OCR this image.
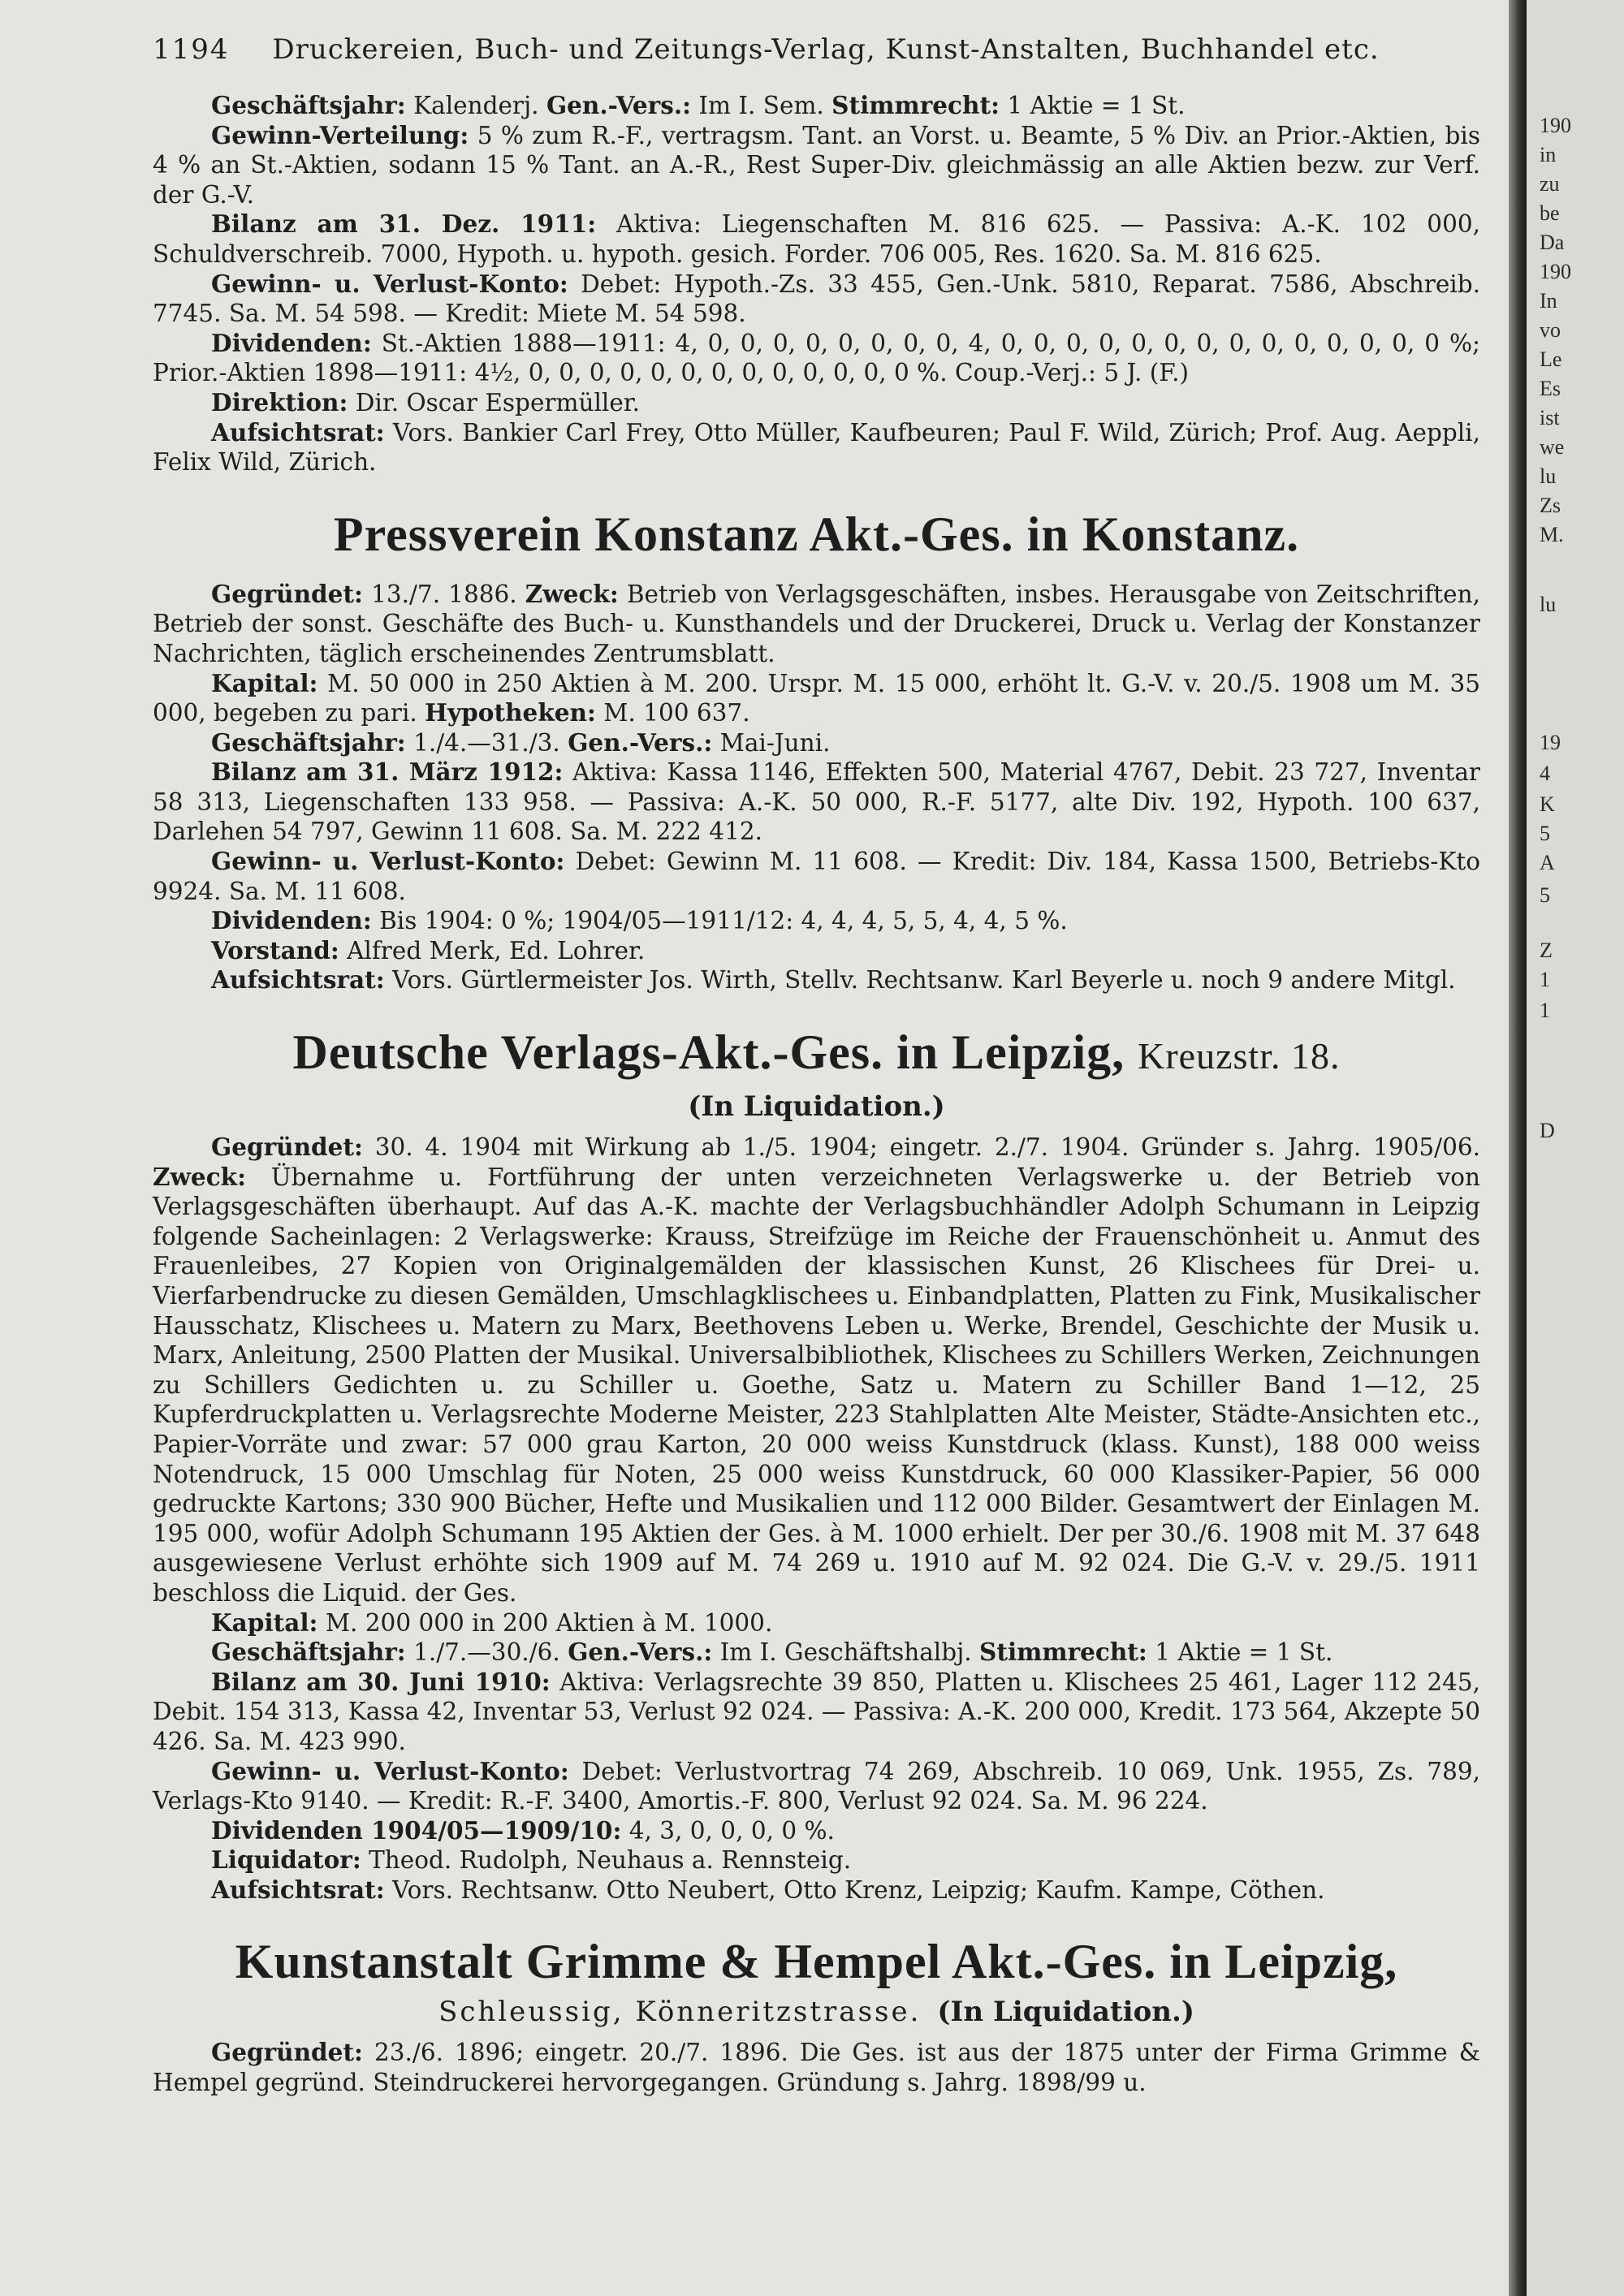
1194 Druckereien, Buch- und Zeitungs-Verlag, Kunst-Anstalten, Buchhandel etc.

Geschäftsjahr: Kalenderj. Gen.-Vers.: Im I. Sem. Stimmrecht: 1 Aktie = 1 St.

Gewinn-Verteilung: 5 % zum R.-F., vertragsm. Tant. an Vorst. u. Beamte, 5 % Div. an Prior.-Aktien, bis 4 % an St.-Aktien, sodann 15 % Tant. an A.-R., Rest Super-Div. gleichmässig an alle Aktien bezw. zur Verf. der G.-V.

Bilanz am 31. Dez. 1911: Aktiva: Liegenschaften M. 816 625. — Passiva: A.-K. 102 000, Schuldverschreib. 7000, Hypoth. u. hypoth. gesich. Forder. 706 005, Res. 1620. Sa. M. 816 625.

Gewinn- u. Verlust-Konto: Debet: Hypoth.-Zs. 33 455, Gen.-Unk. 5810, Reparat. 7586, Abschreib. 7745. Sa. M. 54 598. — Kredit: Miete M. 54 598.

Dividenden: St.-Aktien 1888—1911: 4, 0, 0, 0, 0, 0, 0, 0, 0, 4, 0, 0, 0, 0, 0, 0, 0, 0, 0, 0, 0, 0, 0, 0 %; Prior.-Aktien 1898—1911: 4½, 0, 0, 0, 0, 0, 0, 0, 0, 0, 0, 0, 0, 0 %. Coup.-Verj.: 5 J. (F.)

Direktion: Dir. Oscar Espermüller.

Aufsichtsrat: Vors. Bankier Carl Frey, Otto Müller, Kaufbeuren; Paul F. Wild, Zürich; Prof. Aug. Aeppli, Felix Wild, Zürich.

Pressverein Konstanz Akt.-Ges. in Konstanz.

Gegründet: 13./7. 1886. Zweck: Betrieb von Verlagsgeschäften, insbes. Herausgabe von Zeitschriften, Betrieb der sonst. Geschäfte des Buch- u. Kunsthandels und der Druckerei, Druck u. Verlag der Konstanzer Nachrichten, täglich erscheinendes Zentrumsblatt.

Kapital: M. 50 000 in 250 Aktien à M. 200. Urspr. M. 15 000, erhöht lt. G.-V. v. 20./5. 1908 um M. 35 000, begeben zu pari. Hypotheken: M. 100 637.

Geschäftsjahr: 1./4.—31./3. Gen.-Vers.: Mai-Juni.

Bilanz am 31. März 1912: Aktiva: Kassa 1146, Effekten 500, Material 4767, Debit. 23 727, Inventar 58 313, Liegenschaften 133 958. — Passiva: A.-K. 50 000, R.-F. 5177, alte Div. 192, Hypoth. 100 637, Darlehen 54 797, Gewinn 11 608. Sa. M. 222 412.

Gewinn- u. Verlust-Konto: Debet: Gewinn M. 11 608. — Kredit: Div. 184, Kassa 1500, Betriebs-Kto 9924. Sa. M. 11 608.

Dividenden: Bis 1904: 0 %; 1904/05—1911/12: 4, 4, 4, 5, 5, 4, 4, 5 %.

Vorstand: Alfred Merk, Ed. Lohrer.

Aufsichtsrat: Vors. Gürtlermeister Jos. Wirth, Stellv. Rechtsanw. Karl Beyerle u. noch 9 andere Mitgl.

Deutsche Verlags-Akt.-Ges. in Leipzig, Kreuzstr. 18.
(In Liquidation.)

Gegründet: 30. 4. 1904 mit Wirkung ab 1./5. 1904; eingetr. 2./7. 1904. Gründer s. Jahrg. 1905/06. Zweck: Übernahme u. Fortführung der unten verzeichneten Verlagswerke u. der Betrieb von Verlagsgeschäften überhaupt. Auf das A.-K. machte der Verlagsbuchhändler Adolph Schumann in Leipzig folgende Sacheinlagen: 2 Verlagswerke: Krauss, Streifzüge im Reiche der Frauenschönheit u. Anmut des Frauenleibes, 27 Kopien von Originalgemälden der klassischen Kunst, 26 Klischees für Drei- u. Vierfarbendrucke zu diesen Gemälden, Umschlagklischees u. Einbandplatten, Platten zu Fink, Musikalischer Hausschatz, Klischees u. Matern zu Marx, Beethovens Leben u. Werke, Brendel, Geschichte der Musik u. Marx, Anleitung, 2500 Platten der Musikal. Universalbibliothek, Klischees zu Schillers Werken, Zeichnungen zu Schillers Gedichten u. zu Schiller u. Goethe, Satz u. Matern zu Schiller Band 1—12, 25 Kupferdruckplatten u. Verlagsrechte Moderne Meister, 223 Stahlplatten Alte Meister, Städte-Ansichten etc., Papier-Vorräte und zwar: 57 000 grau Karton, 20 000 weiss Kunstdruck (klass. Kunst), 188 000 weiss Notendruck, 15 000 Umschlag für Noten, 25 000 weiss Kunstdruck, 60 000 Klassiker-Papier, 56 000 gedruckte Kartons; 330 900 Bücher, Hefte und Musikalien und 112 000 Bilder. Gesamtwert der Einlagen M. 195 000, wofür Adolph Schumann 195 Aktien der Ges. à M. 1000 erhielt. Der per 30./6. 1908 mit M. 37 648 ausgewiesene Verlust erhöhte sich 1909 auf M. 74 269 u. 1910 auf M. 92 024. Die G.-V. v. 29./5. 1911 beschloss die Liquid. der Ges.

Kapital: M. 200 000 in 200 Aktien à M. 1000.

Geschäftsjahr: 1./7.—30./6. Gen.-Vers.: Im I. Geschäftshalbj. Stimmrecht: 1 Aktie = 1 St.

Bilanz am 30. Juni 1910: Aktiva: Verlagsrechte 39 850, Platten u. Klischees 25 461, Lager 112 245, Debit. 154 313, Kassa 42, Inventar 53, Verlust 92 024. — Passiva: A.-K. 200 000, Kredit. 173 564, Akzepte 50 426. Sa. M. 423 990.

Gewinn- u. Verlust-Konto: Debet: Verlustvortrag 74 269, Abschreib. 10 069, Unk. 1955, Zs. 789, Verlags-Kto 9140. — Kredit: R.-F. 3400, Amortis.-F. 800, Verlust 92 024. Sa. M. 96 224.

Dividenden 1904/05—1909/10: 4, 3, 0, 0, 0, 0 %.

Liquidator: Theod. Rudolph, Neuhaus a. Rennsteig.

Aufsichtsrat: Vors. Rechtsanw. Otto Neubert, Otto Krenz, Leipzig; Kaufm. Kampe, Cöthen.

Kunstanstalt Grimme & Hempel Akt.-Ges. in Leipzig,
Schleussig, Könneritzstrasse. (In Liquidation.)

Gegründet: 23./6. 1896; eingetr. 20./7. 1896. Die Ges. ist aus der 1875 unter der Firma Grimme & Hempel gegründ. Steindruckerei hervorgegangen. Gründung s. Jahrg. 1898/99 u.

190
in
zu
be
Da
190
In
vo
Le
Es
ist
we
lu
Zs
M.
lu
19
4
K
5
A
5
Z
1
1
D
